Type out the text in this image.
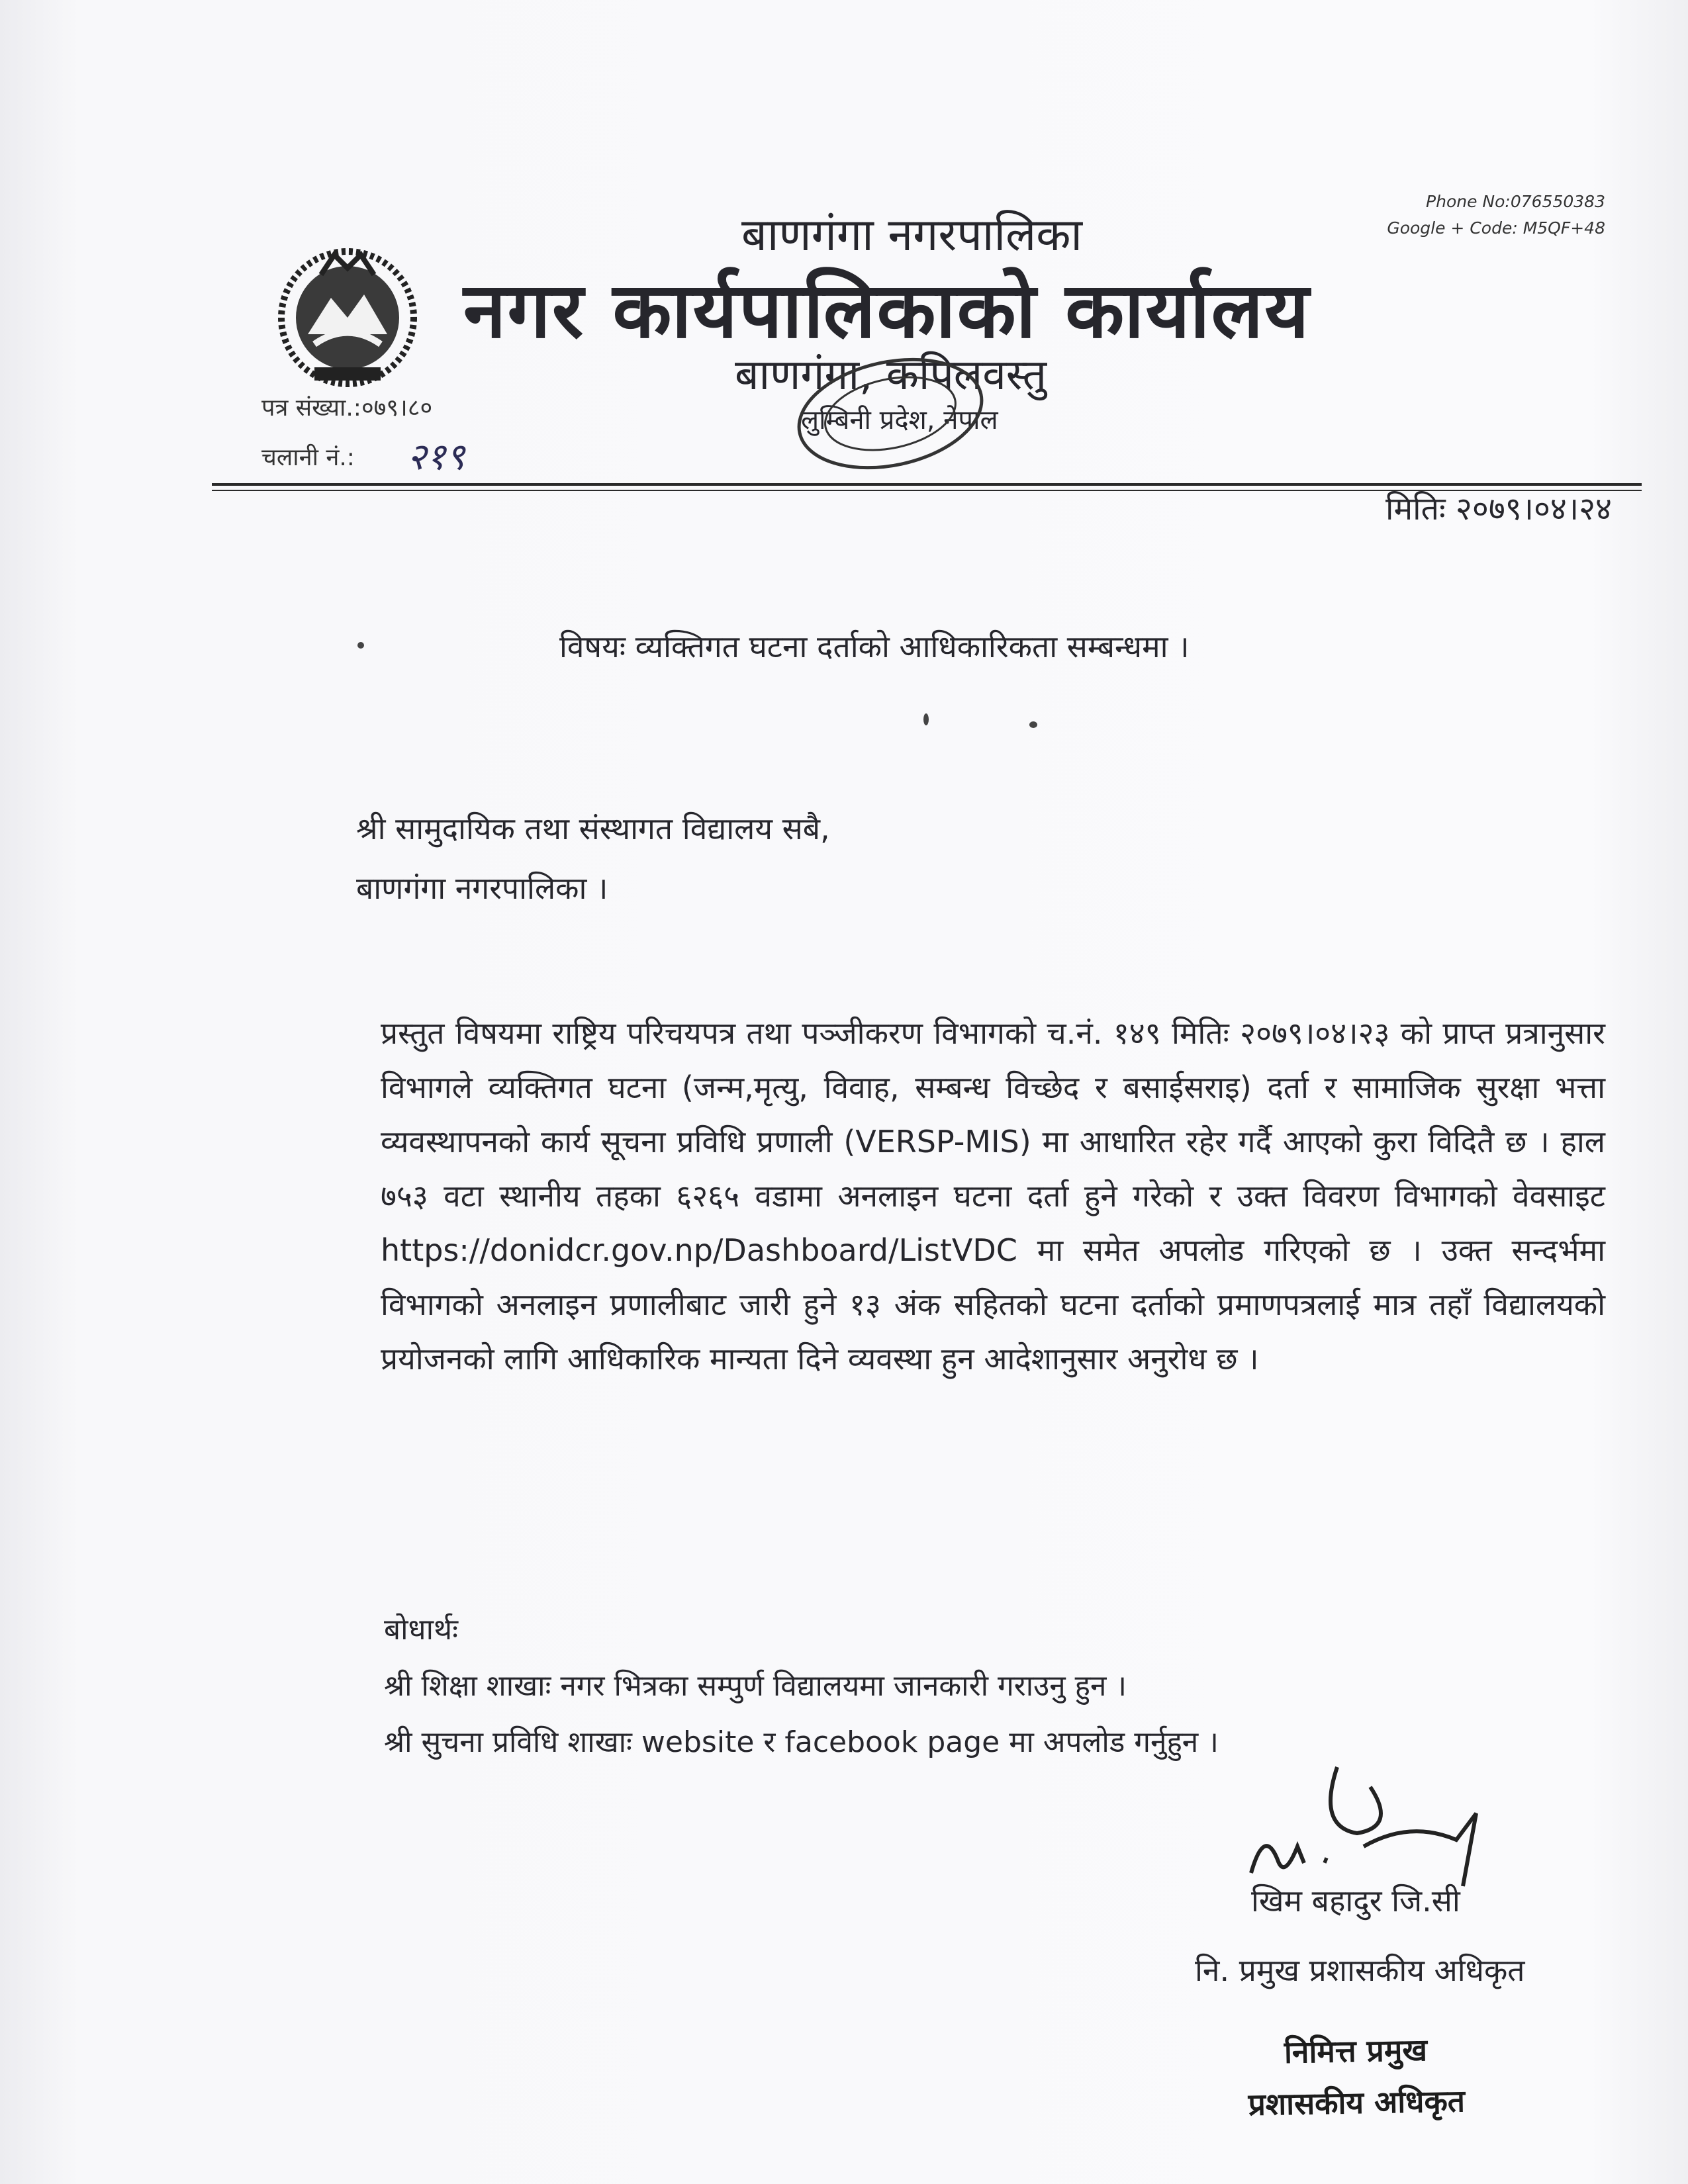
Phone No:076550383
Google + Code: M5QF+48
बाणगंगा नगरपालिका
नगर कार्यपालिकाको कार्यालय
बाणगंगा, कपिलवस्तु
लुम्बिनी प्रदेश, नेपाल
पत्र संख्या.:०७९।८०
चलानी नं.: २१९
मितिः २०७९।०४।२४
विषयः व्यक्तिगत घटना दर्ताको आधिकारिकता सम्बन्धमा ।
श्री सामुदायिक तथा संस्थागत विद्यालय सबै,
बाणगंगा नगरपालिका ।
प्रस्तुत विषयमा राष्ट्रिय परिचयपत्र तथा पञ्जीकरण विभागको च.नं. १४९ मितिः २०७९।०४।२३ को प्राप्त प्रत्रानुसार विभागले व्यक्तिगत घटना (जन्म,मृत्यु, विवाह, सम्बन्ध विच्छेद र बसाईसराइ) दर्ता र सामाजिक सुरक्षा भत्ता व्यवस्थापनको कार्य सूचना प्रविधि प्रणाली (VERSP-MIS) मा आधारित रहेर गर्दै आएको कुरा विदितै छ । हाल ७५३ वटा स्थानीय तहका ६२६५ वडामा अनलाइन घटना दर्ता हुने गरेको र उक्त विवरण विभागको वेवसाइट https://donidcr.gov.np/Dashboard/ListVDC मा समेत अपलोड गरिएको छ । उक्त सन्दर्भमा विभागको अनलाइन प्रणालीबाट जारी हुने १३ अंक सहितको घटना दर्ताको प्रमाणपत्रलाई मात्र तहाँ विद्यालयको प्रयोजनको लागि आधिकारिक मान्यता दिने व्यवस्था हुन आदेशानुसार अनुरोध छ ।
बोधार्थः
श्री शिक्षा शाखाः नगर भित्रका सम्पुर्ण विद्यालयमा जानकारी गराउनु हुन ।
श्री सुचना प्रविधि शाखाः website र facebook page मा अपलोड गर्नुहुन ।
खिम बहादुर जि.सी
नि. प्रमुख प्रशासकीय अधिकृत
निमित्त प्रमुख
प्रशासकीय अधिकृत
